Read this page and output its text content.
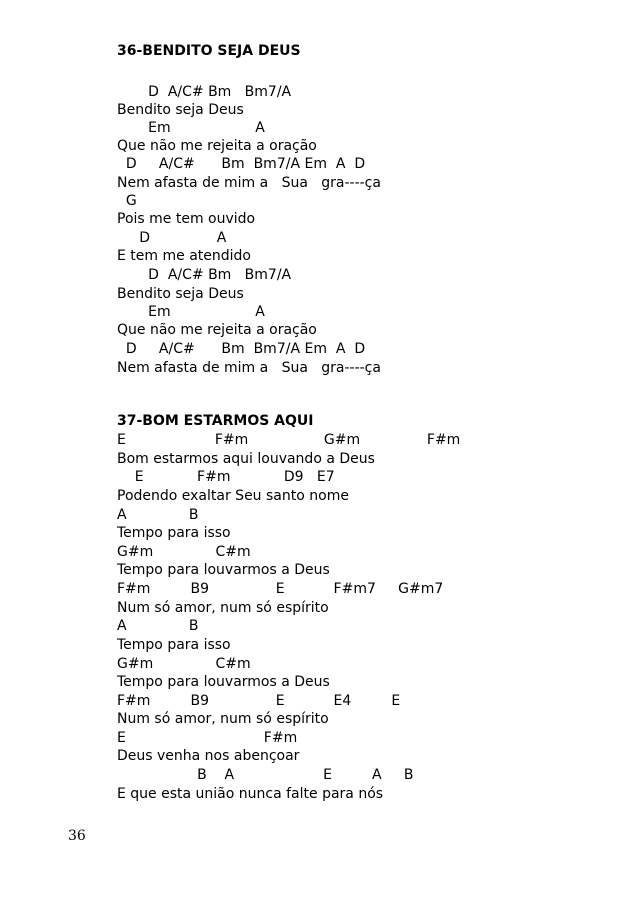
36-BENDITO SEJA DEUS
D  A/C# Bm   Bm7/A
Bendito seja Deus
Em                   A
Que não me rejeita a oração
D     A/C#      Bm  Bm7/A Em  A  D
Nem afasta de mim a   Sua   gra----ça
G
Pois me tem ouvido
D               A
E tem me atendido
D  A/C# Bm   Bm7/A
Bendito seja Deus
Em                   A
Que não me rejeita a oração
D     A/C#      Bm  Bm7/A Em  A  D
Nem afasta de mim a   Sua   gra----ça
37-BOM ESTARMOS AQUI
E                    F#m                 G#m               F#m
Bom estarmos aqui louvando a Deus
E            F#m            D9   E7
Podendo exaltar Seu santo nome
A              B
Tempo para isso
G#m              C#m
Tempo para louvarmos a Deus
F#m         B9               E           F#m7     G#m7
Num só amor, num só espírito
A              B
Tempo para isso
G#m              C#m
Tempo para louvarmos a Deus
F#m         B9               E           E4         E
Num só amor, num só espírito
E                               F#m
Deus venha nos abençoar
B    A                    E         A     B
E que esta união nunca falte para nós
36
